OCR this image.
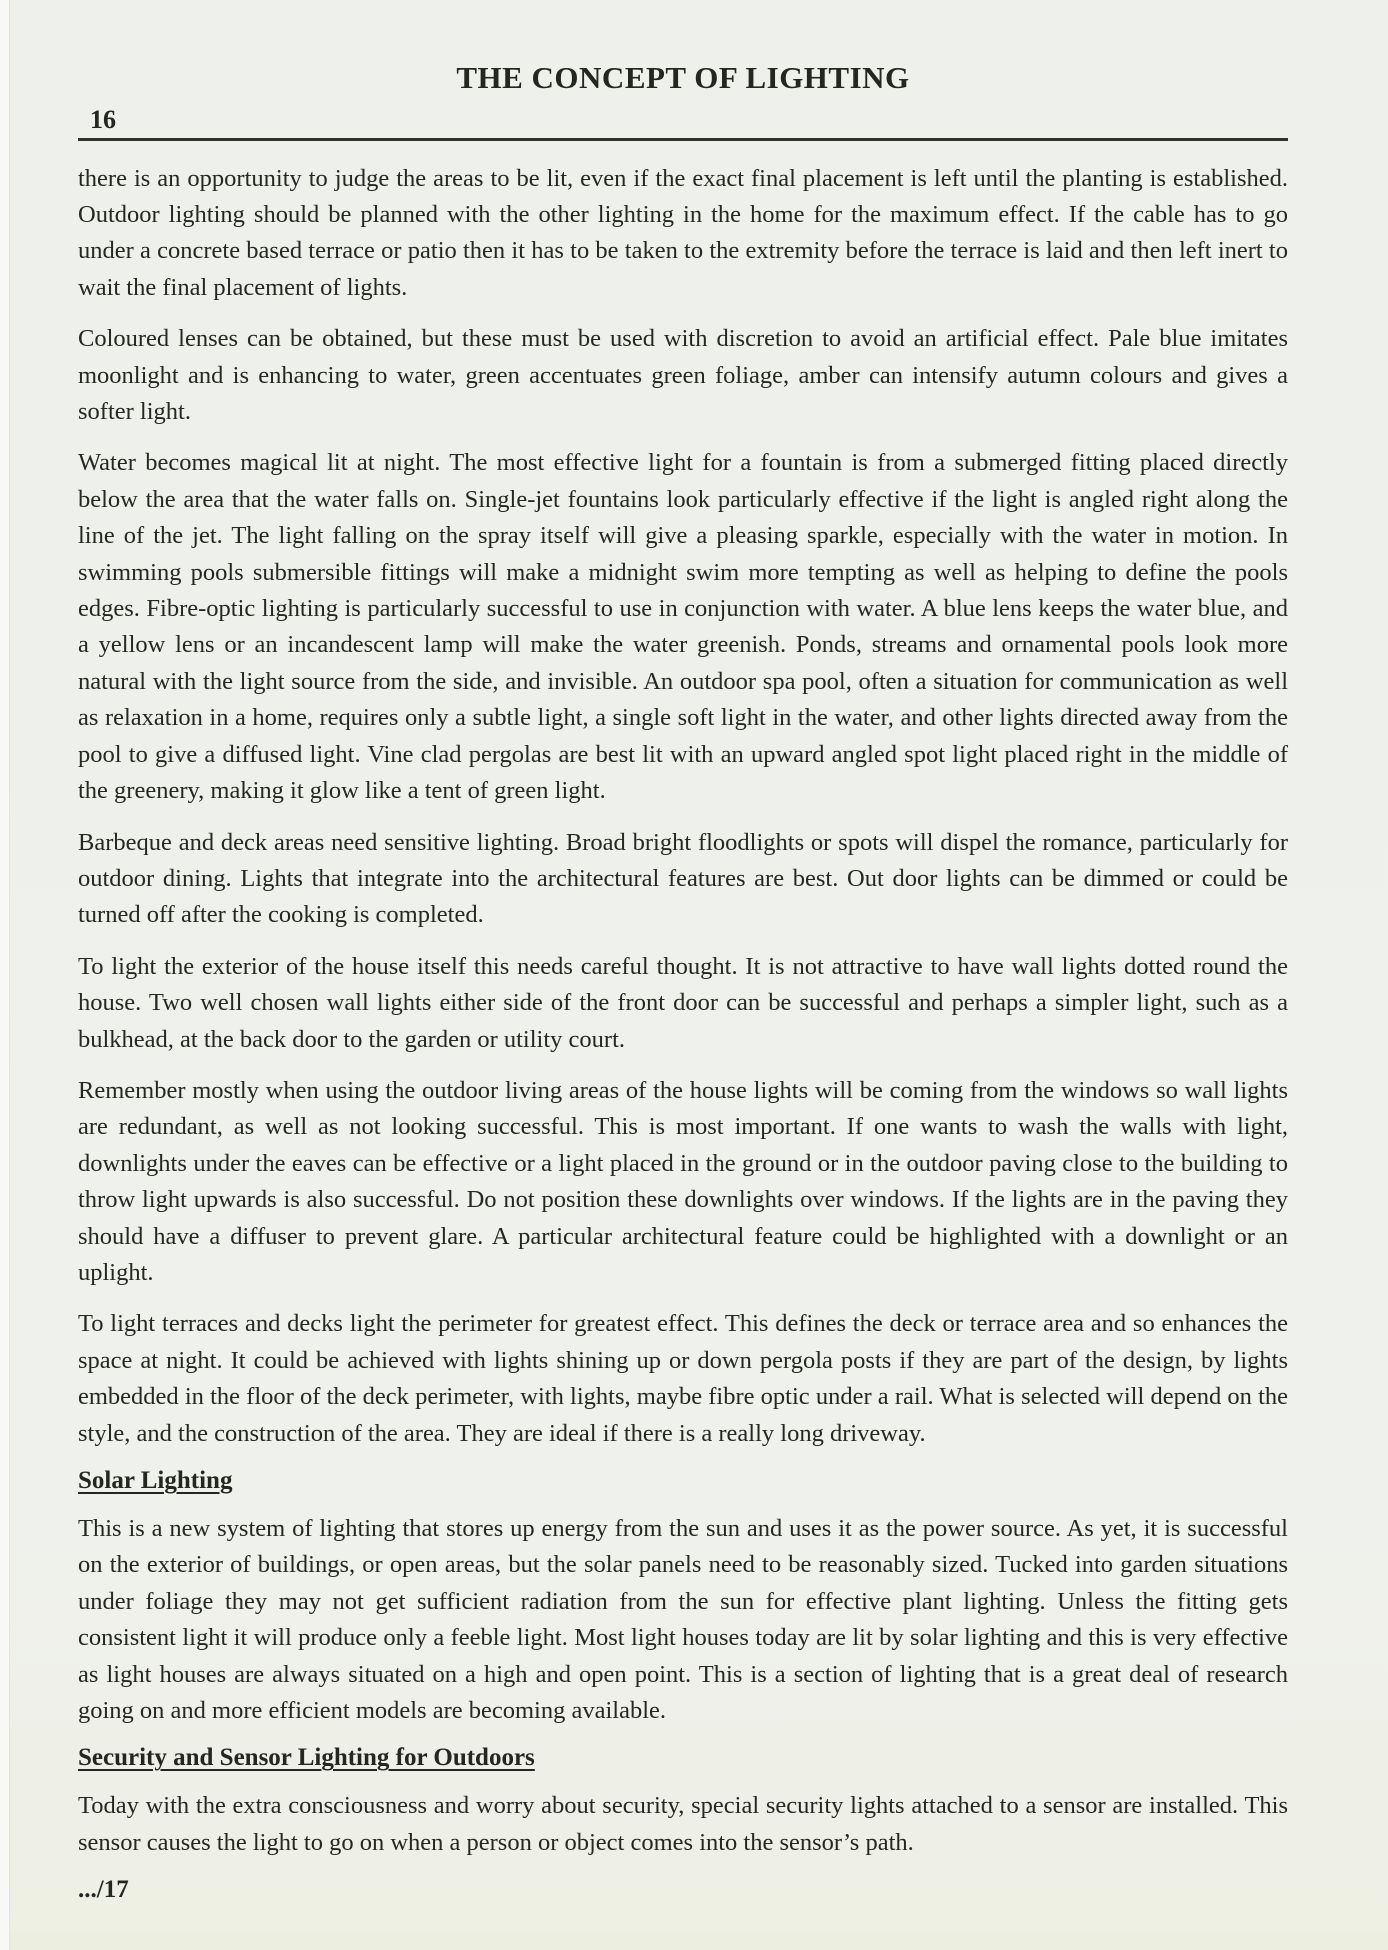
THE CONCEPT OF LIGHTING
16

there is an opportunity to judge the areas to be lit, even if the exact final placement is left until the planting is established. Outdoor lighting should be planned with the other lighting in the home for the maximum effect. If the cable has to go under a concrete based terrace or patio then it has to be taken to the extremity before the terrace is laid and then left inert to wait the final placement of lights.

Coloured lenses can be obtained, but these must be used with discretion to avoid an artificial effect. Pale blue imitates moonlight and is enhancing to water, green accentuates green foliage, amber can intensify autumn colours and gives a softer light.

Water becomes magical lit at night. The most effective light for a fountain is from a submerged fitting placed directly below the area that the water falls on. Single-jet fountains look particularly effective if the light is angled right along the line of the jet. The light falling on the spray itself will give a pleasing sparkle, especially with the water in motion. In swimming pools submersible fittings will make a midnight swim more tempting as well as helping to define the pools edges. Fibre-optic lighting is particularly successful to use in conjunction with water. A blue lens keeps the water blue, and a yellow lens or an incandescent lamp will make the water greenish. Ponds, streams and ornamental pools look more natural with the light source from the side, and invisible. An outdoor spa pool, often a situation for communication as well as relaxation in a home, requires only a subtle light, a single soft light in the water, and other lights directed away from the pool to give a diffused light. Vine clad pergolas are best lit with an upward angled spot light placed right in the middle of the greenery, making it glow like a tent of green light.

Barbeque and deck areas need sensitive lighting. Broad bright floodlights or spots will dispel the romance, particularly for outdoor dining. Lights that integrate into the architectural features are best. Out door lights can be dimmed or could be turned off after the cooking is completed.

To light the exterior of the house itself this needs careful thought. It is not attractive to have wall lights dotted round the house. Two well chosen wall lights either side of the front door can be successful and perhaps a simpler light, such as a bulkhead, at the back door to the garden or utility court.

Remember mostly when using the outdoor living areas of the house lights will be coming from the windows so wall lights are redundant, as well as not looking successful. This is most important. If one wants to wash the walls with light, downlights under the eaves can be effective or a light placed in the ground or in the outdoor paving close to the building to throw light upwards is also successful. Do not position these downlights over windows. If the lights are in the paving they should have a diffuser to prevent glare. A particular architectural feature could be highlighted with a downlight or an uplight.

To light terraces and decks light the perimeter for greatest effect. This defines the deck or terrace area and so enhances the space at night. It could be achieved with lights shining up or down pergola posts if they are part of the design, by lights embedded in the floor of the deck perimeter, with lights, maybe fibre optic under a rail. What is selected will depend on the style, and the construction of the area. They are ideal if there is a really long driveway.

Solar Lighting

This is a new system of lighting that stores up energy from the sun and uses it as the power source. As yet, it is successful on the exterior of buildings, or open areas, but the solar panels need to be reasonably sized. Tucked into garden situations under foliage they may not get sufficient radiation from the sun for effective plant lighting. Unless the fitting gets consistent light it will produce only a feeble light. Most light houses today are lit by solar lighting and this is very effective as light houses are always situated on a high and open point. This is a section of lighting that is a great deal of research going on and more efficient models are becoming available.

Security and Sensor Lighting for Outdoors

Today with the extra consciousness and worry about security, special security lights attached to a sensor are installed. This sensor causes the light to go on when a person or object comes into the sensor’s path.

.../17
